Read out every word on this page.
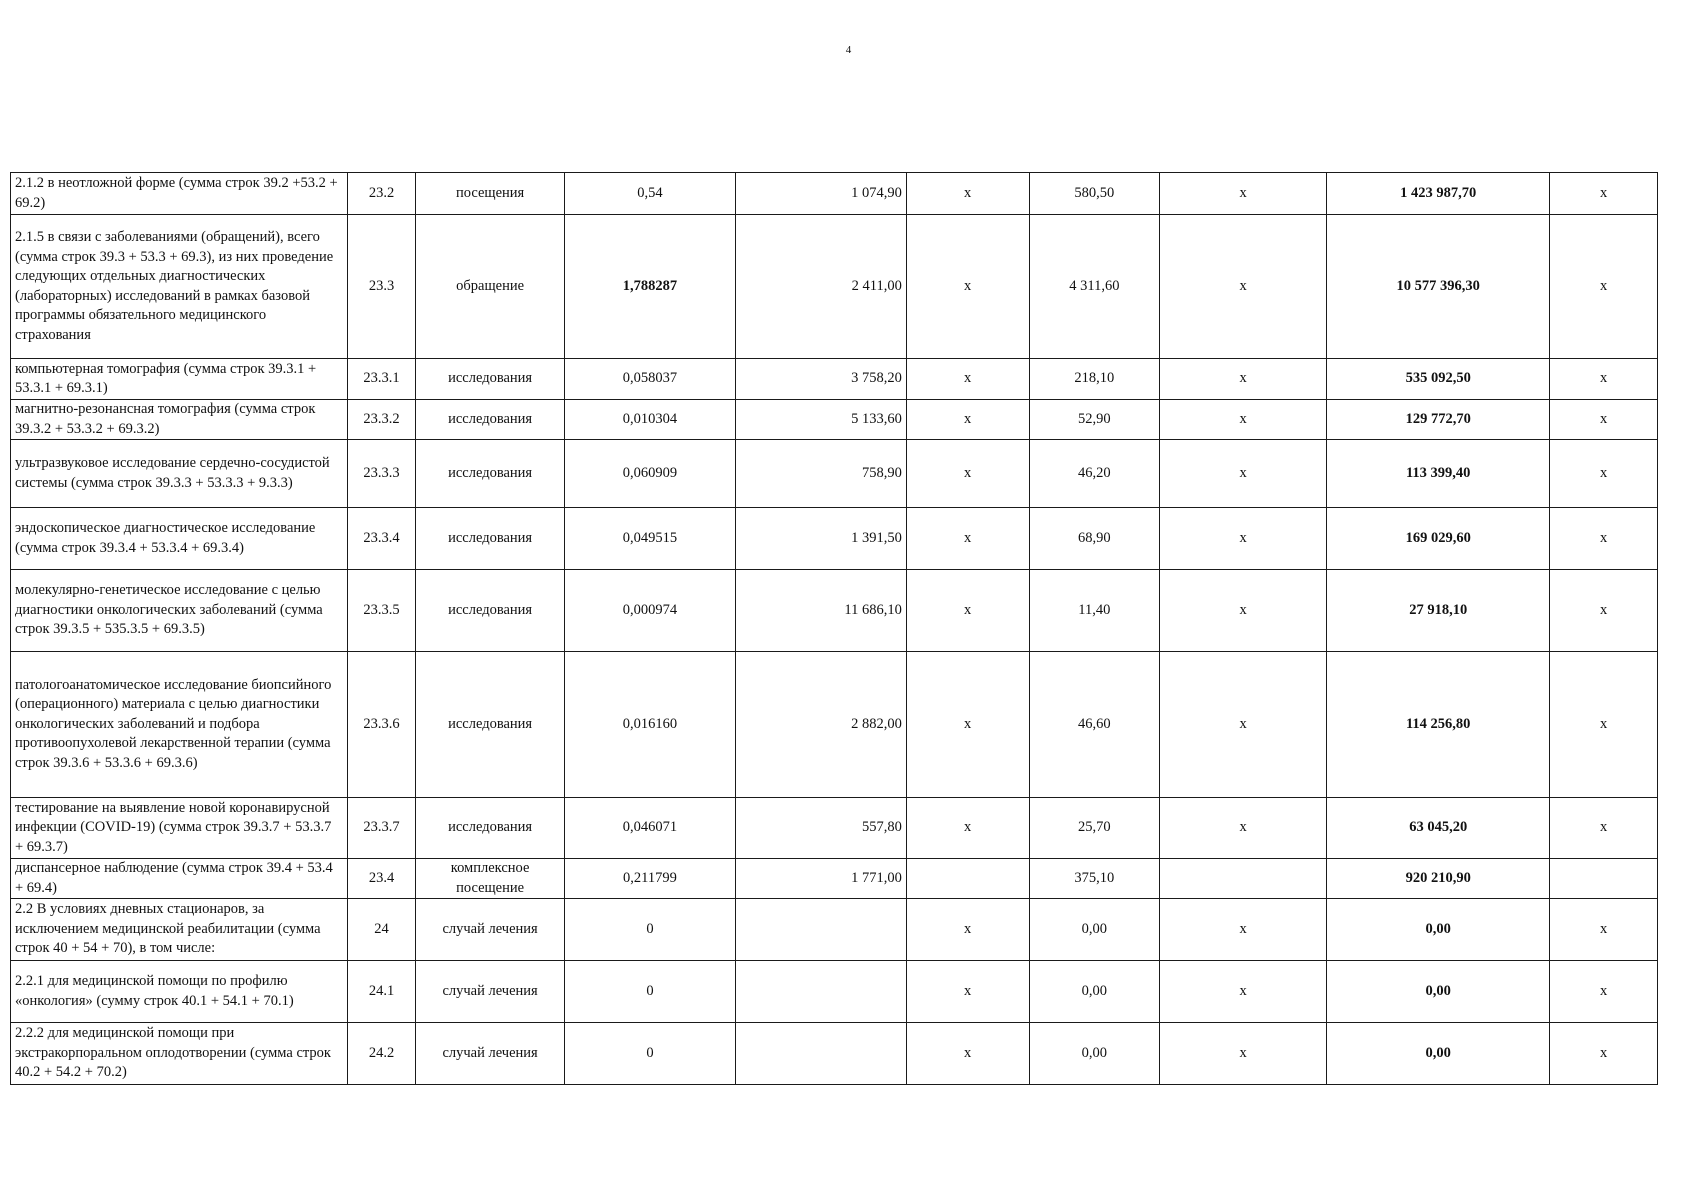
4
2.1.2 в неотложной форме (сумма строк 39.2 +53.2 + 69.2)	23.2	посещения	0,54	1 074,90	x	580,50	x	1 423 987,70	x
2.1.5 в связи с заболеваниями (обращений), всего (сумма строк 39.3 + 53.3 + 69.3), из них проведение следующих отдельных диагностических (лабораторных) исследований в рамках базовой программы обязательного медицинского страхования	23.3	обращение	1,788287	2 411,00	x	4 311,60	x	10 577 396,30	x
компьютерная томография (сумма строк 39.3.1 + 53.3.1 + 69.3.1)	23.3.1	исследования	0,058037	3 758,20	x	218,10	x	535 092,50	x
магнитно-резонансная томография (сумма строк 39.3.2 + 53.3.2 + 69.3.2)	23.3.2	исследования	0,010304	5 133,60	x	52,90	x	129 772,70	x
ультразвуковое исследование сердечно-сосудистой системы (сумма строк 39.3.3 + 53.3.3 + 9.3.3)	23.3.3	исследования	0,060909	758,90	x	46,20	x	113 399,40	x
эндоскопическое диагностическое исследование (сумма строк 39.3.4 + 53.3.4 + 69.3.4)	23.3.4	исследования	0,049515	1 391,50	x	68,90	x	169 029,60	x
молекулярно-генетическое исследование с целью диагностики онкологических заболеваний (сумма строк 39.3.5 + 535.3.5 + 69.3.5)	23.3.5	исследования	0,000974	11 686,10	x	11,40	x	27 918,10	x
патологоанатомическое исследование биопсийного (операционного) материала с целью диагностики онкологических заболеваний и подбора противоопухолевой лекарственной терапии (сумма строк 39.3.6 + 53.3.6 + 69.3.6)	23.3.6	исследования	0,016160	2 882,00	x	46,60	x	114 256,80	x
тестирование на выявление новой коронавирусной инфекции (COVID-19) (сумма строк 39.3.7 + 53.3.7 + 69.3.7)	23.3.7	исследования	0,046071	557,80	x	25,70	x	63 045,20	x
диспансерное наблюдение (сумма строк 39.4 + 53.4 + 69.4)	23.4	комплексное посещение	0,211799	1 771,00		375,10		920 210,90	
2.2 В условиях дневных стационаров, за исключением медицинской реабилитации (сумма строк 40 + 54 + 70), в том числе:	24	случай лечения	0		x	0,00	x	0,00	x
2.2.1 для медицинской помощи по профилю «онкология» (сумму строк 40.1 + 54.1 + 70.1)	24.1	случай лечения	0		x	0,00	x	0,00	x
2.2.2 для медицинской помощи при экстракорпоральном оплодотворении (сумма строк 40.2 + 54.2 + 70.2)	24.2	случай лечения	0		x	0,00	x	0,00	x
